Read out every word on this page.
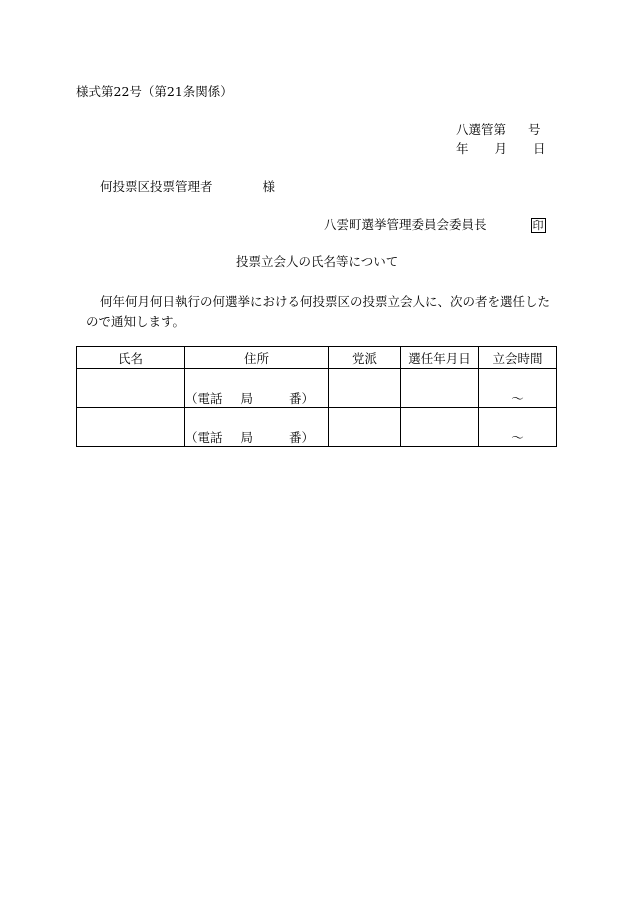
様式第22号（第21条関係）
八選管第 号
年 月 日
何投票区投票管理者	様
八雲町選挙管理委員会委員長	印
投票立会人の氏名等について
何年何月何日執行の何選挙における何投票区の投票立会人に、次の者を選任したので通知します。
氏名	住所	党派	選任年月日	立会時間
	（電話 局 番）			～
	（電話 局 番）			～
